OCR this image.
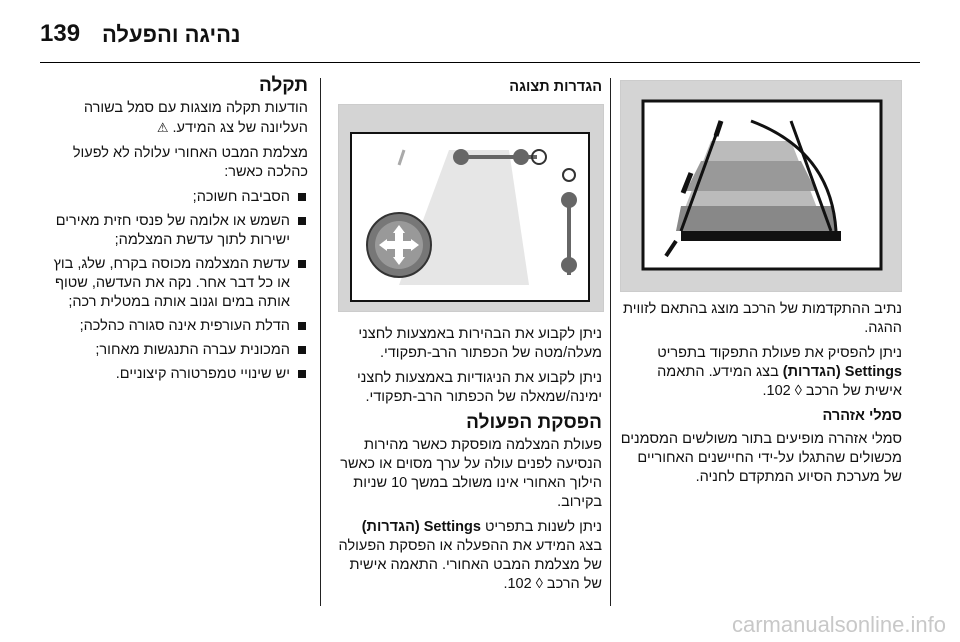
139 נהיגה והפעלה

נתיב ההתקדמות של הרכב מוצג בהתאם לזווית ההגה.

ניתן להפסיק את פעולת התפקוד בתפריט Settings (הגדרות) בצג המידע. התאמה אישית של הרכב ◊ 102.

סמלי אזהרה

סמלי אזהרה מופיעים בתור משולשים המסמנים מכשולים שהתגלו על-ידי החיישנים האחוריים של מערכת הסיוע המתקדם לחניה.

הגדרות תצוגה

ניתן לקבוע את הבהירות באמצעות לחצני מעלה/מטה של הכפתור הרב-תפקודי.

ניתן לקבוע את הניגודיות באמצעות לחצני ימינה/שמאלה של הכפתור הרב-תפקודי.

הפסקת הפעולה

פעולת המצלמה מופסקת כאשר מהירות הנסיעה לפנים עולה על ערך מסוים או כאשר הילוך האחורי אינו משולב במשך 10 שניות בקירוב.

ניתן לשנות בתפריט Settings (הגדרות) בצג המידע את ההפעלה או הפסקת הפעולה של מצלמת המבט האחורי. התאמה אישית של הרכב ◊ 102.

תקלה

הודעות תקלה מוצגות עם סמל בשורה העליונה של צג המידע. ⚠

מצלמת המבט האחורי עלולה לא לפעול כהלכה כאשר:

הסביבה חשוכה;
השמש או אלומה של פנסי חזית מאירים ישירות לתוך עדשת המצלמה;
עדשת המצלמה מכוסה בקרח, שלג, בוץ או כל דבר אחר. נקה את העדשה, שטוף אותה במים וגנוב אותה במטלית רכה;
הדלת העורפית אינה סגורה כהלכה;
המכונית עברה התנגשות מאחור;
יש שינויי טמפרטורה קיצוניים.
carmanualsonline.info
